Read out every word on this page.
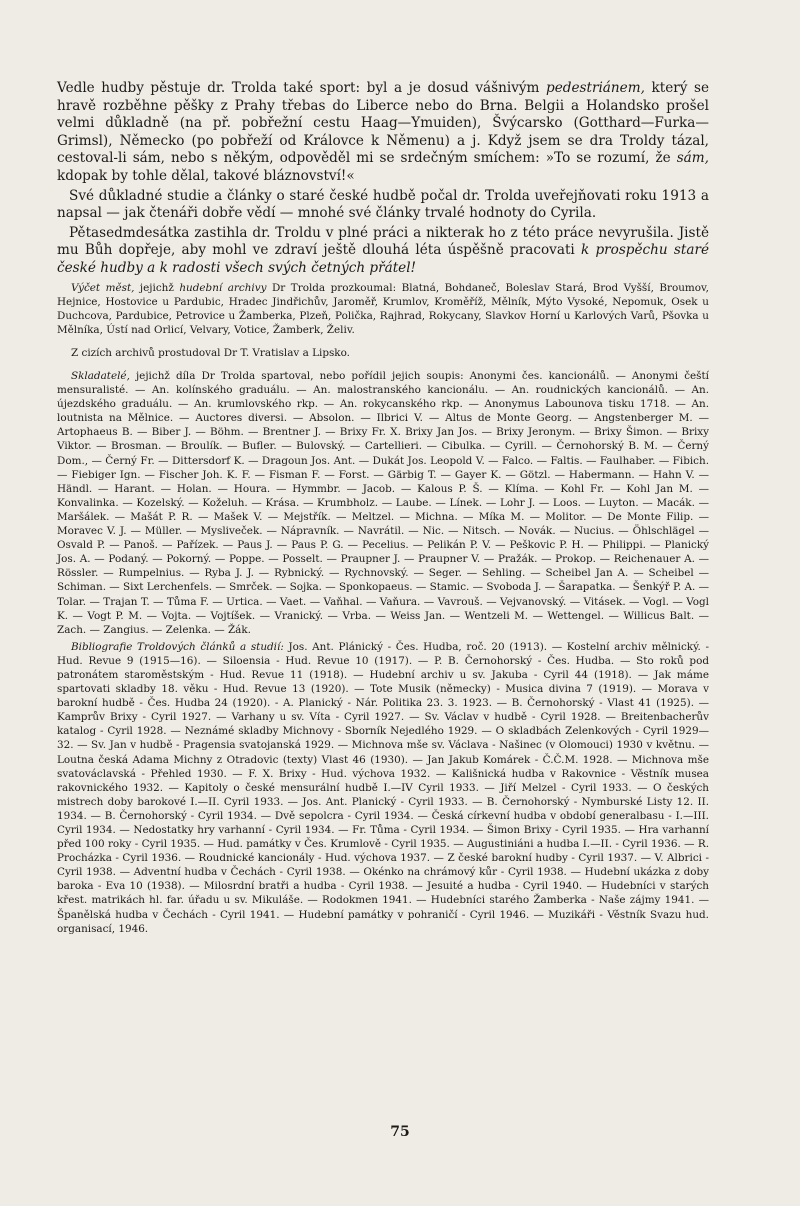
Vedle hudby pěstuje dr. Trolda také sport: byl a je dosud vášnivým pedestriánem, který se hravě rozběhne pěšky z Prahy třebas do Liberce nebo do Brna. Belgii a Holandsko prošel velmi důkladně (na př. pobřežní cestu Haag—Ymuiden), Švýcarsko (Gotthard—Furka—Grimsl), Německo (po pobřeží od Královce k Němenu) a j. Když jsem se dra Troldy tázal, cestoval-li sám, nebo s někým, odpověděl mi se srdečným smíchem: »To se rozumí, že sám, kdopak by tohle dělal, takové bláznovství!«

Své důkladné studie a články o staré české hudbě počal dr. Trolda uveřejňovati roku 1913 a napsal — jak čtenáři dobře vědí — mnohé své články trvalé hodnoty do Cyrila.

Pětasedmdesátka zastihla dr. Troldu v plné práci a nikterak ho z této práce nevyrušila. Jistě mu Bůh dopřeje, aby mohl ve zdraví ještě dlouhá léta úspěšně pracovati k prospěchu staré české hudby a k radosti všech svých četných přátel!

Výčet měst, jejichž hudební archivy Dr Trolda prozkoumal: Blatná, Bohdaneč, Boleslav Stará, Brod Vyšší, Broumov, Hejnice, Hostovice u Pardubic, Hradec Jindřichův, Jaroměř, Krumlov, Kroměříž, Mělník, Mýto Vysoké, Nepomuk, Osek u Duchcova, Pardubice, Petrovice u Žamberka, Plzeň, Polička, Rajhrad, Rokycany, Slavkov Horní u Karlových Varů, Pšovka u Mělníka, Ústí nad Orlicí, Velvary, Votice, Žamberk, Želiv.

Z cizích archivů prostudoval Dr T. Vratislav a Lipsko.

Skladatelé, jejichž díla Dr Trolda spartoval, nebo pořídil jejich soupis: Anonymi čes. kancionálů. — Anonymi čeští mensuralisté. — An. kolínského graduálu. — An. malostranského kancionálu. — An. roudnických kancionálů. — An. újezdského graduálu. — An. krumlovského rkp. — An. rokycanského rkp. — Anonymus Labounova tisku 1718. — An. loutnista na Mělnice. — Auctores diversi. — Absolon. — Ilbrici V. — Altus de Monte Georg. — Angstenberger M. — Artophaeus B. — Biber J. — Böhm. — Brentner J. — Brixy Fr. X. Brixy Jan Jos. — Brixy Jeronym. — Brixy Šimon. — Brixy Viktor. — Brosman. — Broulík. — Bufler. — Bulovský. — Cartellieri. — Cibulka. — Cyrill. — Černohorský B. M. — Černý Dom., — Černý Fr. — Dittersdorf K. — Dragoun Jos. Ant. — Dukát Jos. Leopold V. — Falco. — Faltis. — Faulhaber. — Fibich. — Fiebiger Ign. — Fischer Joh. K. F. — Fisman F. — Forst. — Gärbig T. — Gayer K. — Götzl. — Habermann. — Hahn V. — Händl. — Harant. — Holan. — Houra. — Hymmbr. — Jacob. — Kalous P. Š. — Klíma. — Kohl Fr. — Kohl Jan M. — Konvalinka. — Kozelský. — Koželuh. — Krása. — Krumbholz. — Laube. — Línek. — Lohr J. — Loos. — Luyton. — Macák. — Maršálek. — Mašát P. R. — Mašek V. — Mejstřík. — Meltzel. — Michna. — Míka M. — Molitor. — De Monte Filip. — Moravec V. J. — Müller. — Mysliveček. — Nápravník. — Navrátil. — Nic. — Nitsch. — Novák. — Nucius. — Öhlschlägel — Osvald P. — Panoš. — Pařízek. — Paus J. — Paus P. G. — Pecelius. — Pelikán P. V. — Peškovic P. H. — Philippi. — Planický Jos. A. — Podaný. — Pokorný. — Poppe. — Posselt. — Praupner J. — Praupner V. — Pražák. — Prokop. — Reichenauer A. — Rössler. — Rumpelnius. — Ryba J. J. — Rybnický. — Rychnovský. — Seger. — Sehling. — Scheibel Jan A. — Scheibel — Schiman. — Sixt Lerchenfels. — Smrček. — Sojka. — Sponkopaeus. — Stamic. — Svoboda J. — Šarapatka. — Šenkýř P. A. — Tolar. — Trajan T. — Tůma F. — Urtica. — Vaet. — Vaňhal. — Vaňura. — Vavrouš. — Vejvanovský. — Vitásek. — Vogl. — Vogl K. — Vogt P. M. — Vojta. — Vojtíšek. — Vranický. — Vrba. — Weiss Jan. — Wentzeli M. — Wettengel. — Willicus Balt. — Zach. — Zangius. — Zelenka. — Žák.

Bibliografie Troldových článků a studií: Jos. Ant. Plánický - Čes. Hudba, roč. 20 (1913). — Kostelní archiv mělnický. - Hud. Revue 9 (1915—16). — Siloensia - Hud. Revue 10 (1917). — P. B. Černohorský - Čes. Hudba. — Sto roků pod patronátem staroměstským - Hud. Revue 11 (1918). — Hudební archiv u sv. Jakuba - Cyril 44 (1918). — Jak máme spartovati skladby 18. věku - Hud. Revue 13 (1920). — Tote Musik (německy) - Musica divina 7 (1919). — Morava v barokní hudbě - Čes. Hudba 24 (1920). - A. Planický - Nár. Politika 23. 3. 1923. — B. Černohorský - Vlast 41 (1925). — Kamprův Brixy - Cyril 1927. — Varhany u sv. Víta - Cyril 1927. — Sv. Václav v hudbě - Cyril 1928. — Breitenbacherův katalog - Cyril 1928. — Neznámé skladby Michnovy - Sborník Nejedlého 1929. — O skladbách Zelenkových - Cyril 1929—32. — Sv. Jan v hudbě - Pragensia svatojanská 1929. — Michnova mše sv. Václava - Našinec (v Olomouci) 1930 v květnu. — Loutna česká Adama Michny z Otradovic (texty) Vlast 46 (1930). — Jan Jakub Komárek - Č.Č.M. 1928. — Michnova mše svatováclavská - Přehled 1930. — F. X. Brixy - Hud. výchova 1932. — Kališnická hudba v Rakovnice - Věstník musea rakovnického 1932. — Kapitoly o české mensurální hudbě I.—IV Cyril 1933. — Jiří Melzel - Cyril 1933. — O českých mistrech doby barokové I.—II. Cyril 1933. — Jos. Ant. Planický - Cyril 1933. — B. Černohorský - Nymburské Listy 12. II. 1934. — B. Černohorský - Cyril 1934. — Dvě sepolcra - Cyril 1934. — Česká církevní hudba v období generalbasu - I.—III. Cyril 1934. — Nedostatky hry varhanní - Cyril 1934. — Fr. Tůma - Cyril 1934. — Šimon Brixy - Cyril 1935. — Hra varhanní před 100 roky - Cyril 1935. — Hud. památky v Čes. Krumlově - Cyril 1935. — Augustiniáni a hudba I.—II. - Cyril 1936. — R. Procházka - Cyril 1936. — Roudnické kancionály - Hud. výchova 1937. — Z české barokní hudby - Cyril 1937. — V. Albrici - Cyril 1938. — Adventní hudba v Čechách - Cyril 1938. — Okénko na chrámový kůr - Cyril 1938. — Hudební ukázka z doby baroka - Eva 10 (1938). — Milosrdní bratři a hudba - Cyril 1938. — Jesuité a hudba - Cyril 1940. — Hudebníci v starých křest. matrikách hl. far. úřadu u sv. Mikuláše. — Rodokmen 1941. — Hudebníci starého Žamberka - Naše zájmy 1941. — Španělská hudba v Čechách - Cyril 1941. — Hudební památky v pohraničí - Cyril 1946. — Muzikáři - Věstník Svazu hud. organisací, 1946.

75
